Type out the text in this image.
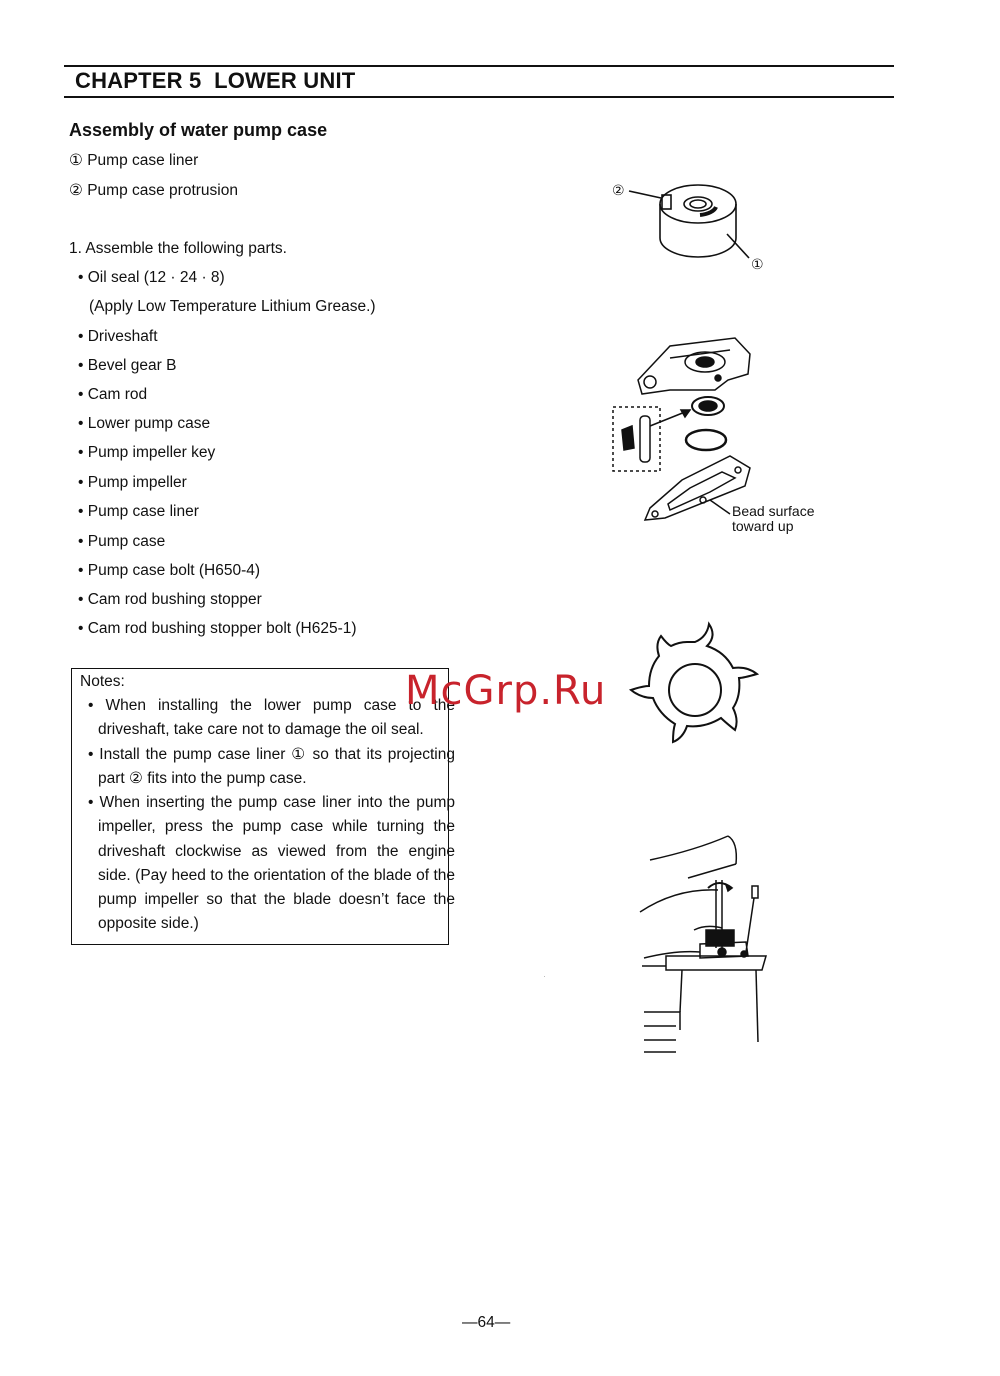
CHAPTER 5  LOWER UNIT
Assembly of water pump case
① Pump case liner
② Pump case protrusion
1. Assemble the following parts.
• Oil seal (12 · 24 · 8)
(Apply Low Temperature Lithium Grease.)
• Driveshaft
• Bevel gear B
• Cam rod
• Lower pump case
• Pump impeller key
• Pump impeller
• Pump case liner
• Pump case
• Pump case bolt (H650-4)
• Cam rod bushing stopper
• Cam rod bushing stopper bolt (H625-1)
Notes:
• When installing the lower pump case to the driveshaft, take care not to damage the oil seal.
• Install the pump case liner ① so that its projecting part ② fits into the pump case.
• When inserting the pump case liner into the pump impeller, press the pump case while turning the driveshaft clockwise as viewed from the engine side. (Pay heed to the orientation of the blade of the pump impeller so that the blade doesn’t face the opposite side.)
McGrp.Ru
②
①
Bead surface
toward up
—64—
